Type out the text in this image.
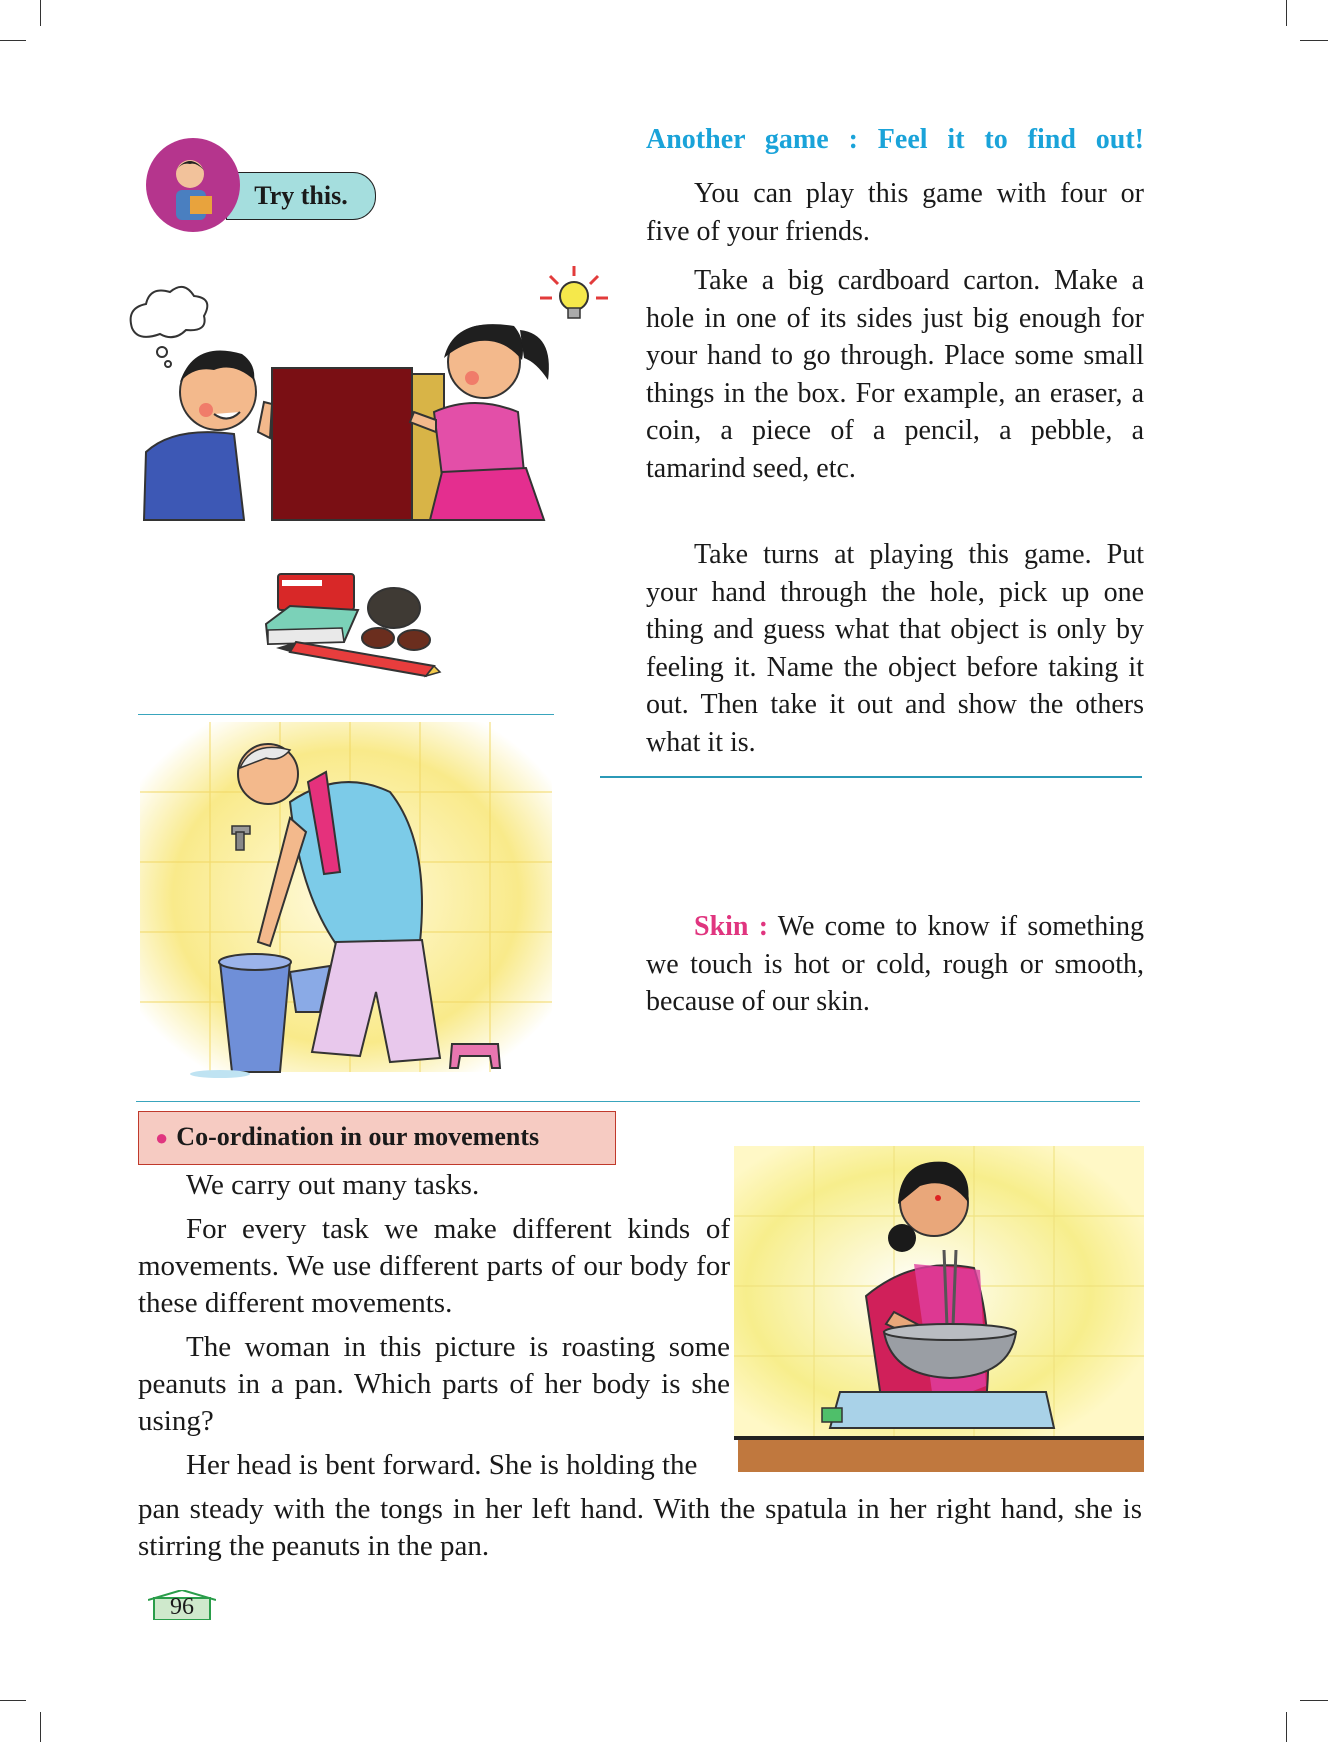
Try this.
Another game : Feel it to find out!
You can play this game with four or five of your friends.
Take a big cardboard carton. Make a hole in one of its sides just big enough for your hand to go through. Place some small things in the box. For example, an eraser, a coin, a piece of a pencil, a pebble, a tamarind seed, etc.
Take turns at playing this game. Put your hand through the hole, pick up one thing and guess what that object is only by feeling it. Name the object before taking it out. Then take it out and show the others what it is.
Skin : We come to know if something we touch is hot or cold, rough or smooth, because of our skin.
● Co-ordination in our movements
We carry out many tasks.
For every task we make different kinds of movements. We use different parts of our body for these different movements.
The woman in this picture is roasting some peanuts in a pan. Which parts of her body is she using?
Her head is bent forward. She is holding the
pan steady with the tongs in her left hand. With the spatula in her right hand, she is stirring the peanuts in the pan.
96
